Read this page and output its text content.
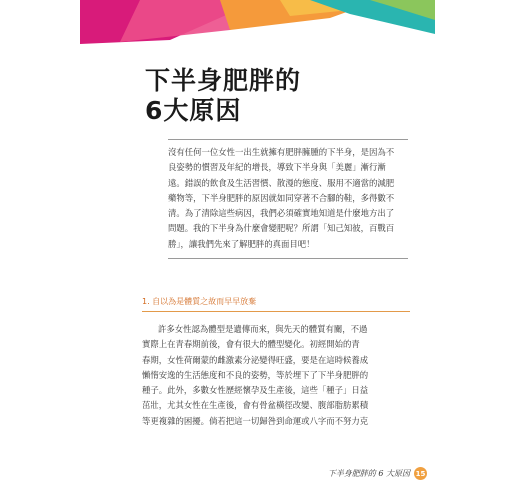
下半身肥胖的
6大原因
沒有任何一位女性一出生就擁有肥胖臃腫的下半身，是因為不
良姿勢的慣習及年紀的增長，導致下半身與「美麗」漸行漸
遠。錯誤的飲食及生活習慣、散漫的態度、服用不適當的減肥
藥物等，下半身肥胖的原因就如同穿著不合腳的鞋，多得數不
清。為了清除這些病因，我們必須確實地知道是什麼地方出了
問題。我的下半身為什麼會變肥呢？所謂「知己知彼，百戰百
勝」，讓我們先來了解肥胖的真面目吧！
1. 自以為是體質之故而早早放棄
許多女性認為體型是遺傳而來，與先天的體質有關，不過
實際上在青春期前後，會有很大的體型變化。初經開始的青
春期，女性荷爾蒙的雌激素分泌變得旺盛，要是在這時候養成
懶惰安逸的生活態度和不良的姿勢，等於埋下了下半身肥胖的
種子。此外，多數女性歷經懷孕及生產後，這些「種子」日益
茁壯，尤其女性在生產後，會有骨盆橫徑改變、腹部脂肪累積
等更複雜的困擾。倘若把這一切歸咎到命運或八字而不努力克
下半身肥胖的 6 大原因 15
